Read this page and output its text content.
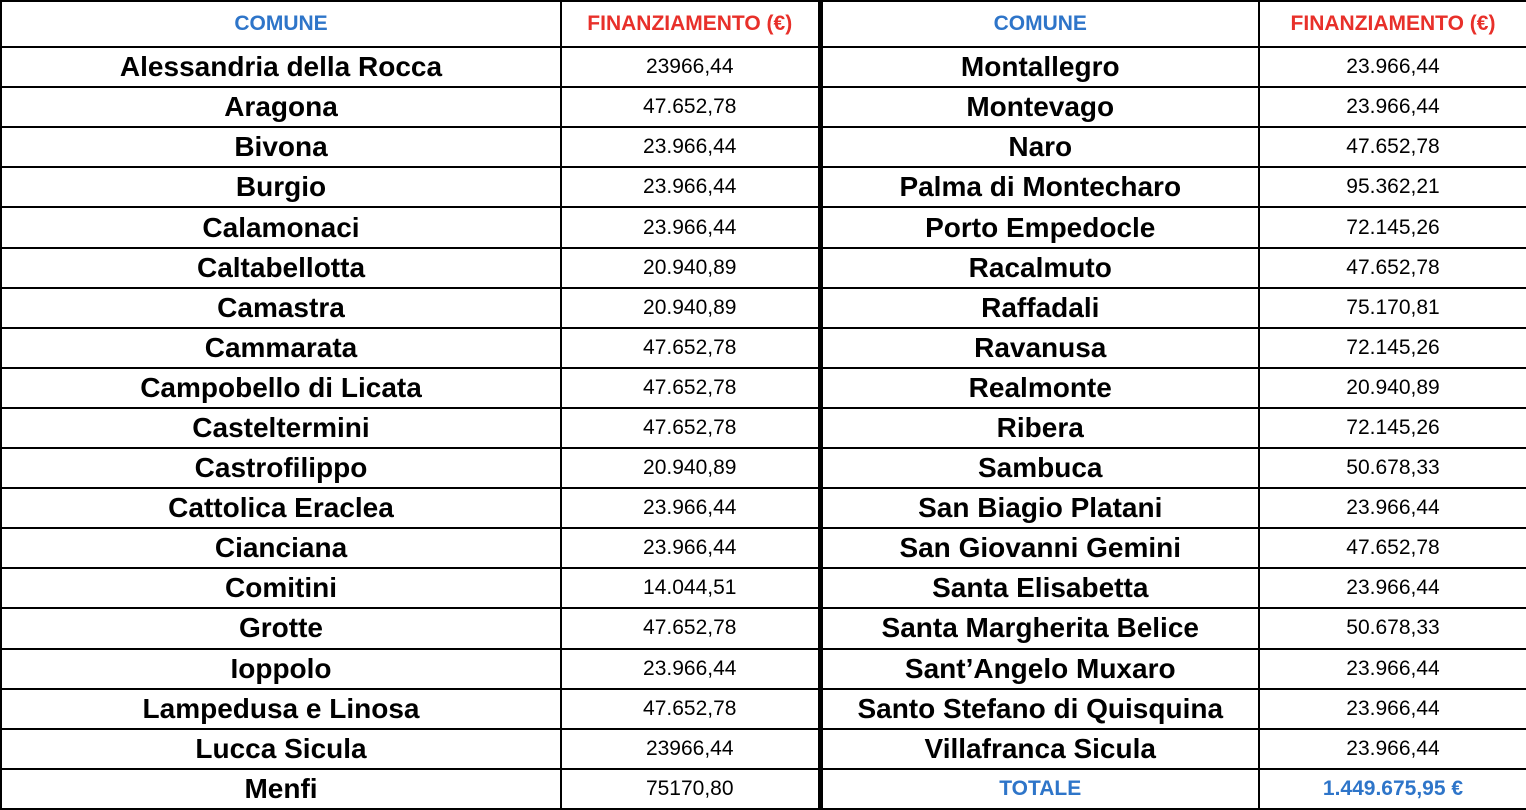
COMUNE	FINANZIAMENTO (€)	COMUNE	FINANZIAMENTO (€)
Alessandria della Rocca	23966,44	Montallegro	23.966,44
Aragona	47.652,78	Montevago	23.966,44
Bivona	23.966,44	Naro	47.652,78
Burgio	23.966,44	Palma di Montecharo	95.362,21
Calamonaci	23.966,44	Porto Empedocle	72.145,26
Caltabellotta	20.940,89	Racalmuto	47.652,78
Camastra	20.940,89	Raffadali	75.170,81
Cammarata	47.652,78	Ravanusa	72.145,26
Campobello di Licata	47.652,78	Realmonte	20.940,89
Casteltermini	47.652,78	Ribera	72.145,26
Castrofilippo	20.940,89	Sambuca	50.678,33
Cattolica Eraclea	23.966,44	San Biagio Platani	23.966,44
Cianciana	23.966,44	San Giovanni Gemini	47.652,78
Comitini	14.044,51	Santa Elisabetta	23.966,44
Grotte	47.652,78	Santa Margherita Belice	50.678,33
Ioppolo	23.966,44	Sant’Angelo Muxaro	23.966,44
Lampedusa e Linosa	47.652,78	Santo Stefano di Quisquina	23.966,44
Lucca Sicula	23966,44	Villafranca Sicula	23.966,44
Menfi	75170,80	TOTALE	1.449.675,95 €
